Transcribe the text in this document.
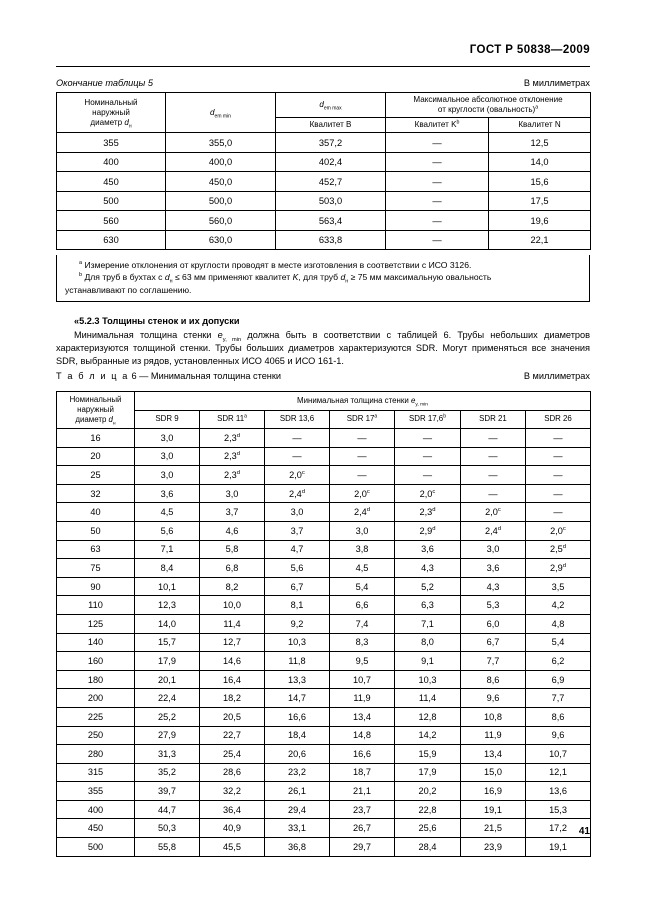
ГОСТ Р 50838—2009
Окончание таблицы 5	В миллиметрах
Номинальный
наружный
диаметр $d_н$	$d_{em min}$	$d_{em max}$	Максимальное абсолютное отклонение
от круглости (овальность)$^a$
		Квалитет B	Квалитет $K^b$	Квалитет N
355	355,0	357,2	—	12,5
400	400,0	402,4	—	14,0
450	450,0	452,7	—	15,6
500	500,0	503,0	—	17,5
560	560,0	563,4	—	19,6
630	630,0	633,8	—	22,1
$^a$ Измерение отклонения от круглости проводят в месте изготовления в соответствии с ИСО 3126.
$^b$ Для труб в бухтах с $d_н \le 63$ мм применяют квалитет K, для труб $d_н \ge 75$ мм максимальную овальность
устанавливают по соглашению.
«5.2.3 Толщины стенок и их допуски
Минимальная толщина стенки $e_{y, min}$ должна быть в соответствии с таблицей 6. Трубы небольших диаметров характеризуются толщиной стенки. Трубы больших диаметров характеризуются SDR. Могут применяться все значения SDR, выбранные из рядов, установленных ИСО 4065 и ИСО 161-1.
Т а б л и ц а 6 — Минимальная толщина стенки	В миллиметрах
Номинальный
наружный
диаметр $d_н$	Минимальная толщина стенки $e_{y, min}$
	SDR 9	SDR 11$^a$	SDR 13,6	SDR 17$^a$	SDR 17,6$^b$	SDR 21	SDR 26
16	3,0	2,3$^d$	—	—	—	—	—
20	3,0	2,3$^d$	—	—	—	—	—
25	3,0	2,3$^d$	2,0$^c$	—	—	—	—
32	3,6	3,0	2,4$^d$	2,0$^c$	2,0$^c$	—	—
40	4,5	3,7	3,0	2,4$^d$	2,3$^d$	2,0$^c$	—
50	5,6	4,6	3,7	3,0	2,9$^d$	2,4$^d$	2,0$^c$
63	7,1	5,8	4,7	3,8	3,6	3,0	2,5$^d$
75	8,4	6,8	5,6	4,5	4,3	3,6	2,9$^d$
90	10,1	8,2	6,7	5,4	5,2	4,3	3,5
110	12,3	10,0	8,1	6,6	6,3	5,3	4,2
125	14,0	11,4	9,2	7,4	7,1	6,0	4,8
140	15,7	12,7	10,3	8,3	8,0	6,7	5,4
160	17,9	14,6	11,8	9,5	9,1	7,7	6,2
180	20,1	16,4	13,3	10,7	10,3	8,6	6,9
200	22,4	18,2	14,7	11,9	11,4	9,6	7,7
225	25,2	20,5	16,6	13,4	12,8	10,8	8,6
250	27,9	22,7	18,4	14,8	14,2	11,9	9,6
280	31,3	25,4	20,6	16,6	15,9	13,4	10,7
315	35,2	28,6	23,2	18,7	17,9	15,0	12,1
355	39,7	32,2	26,1	21,1	20,2	16,9	13,6
400	44,7	36,4	29,4	23,7	22,8	19,1	15,3
450	50,3	40,9	33,1	26,7	25,6	21,5	17,2
500	55,8	45,5	36,8	29,7	28,4	23,9	19,1
41
